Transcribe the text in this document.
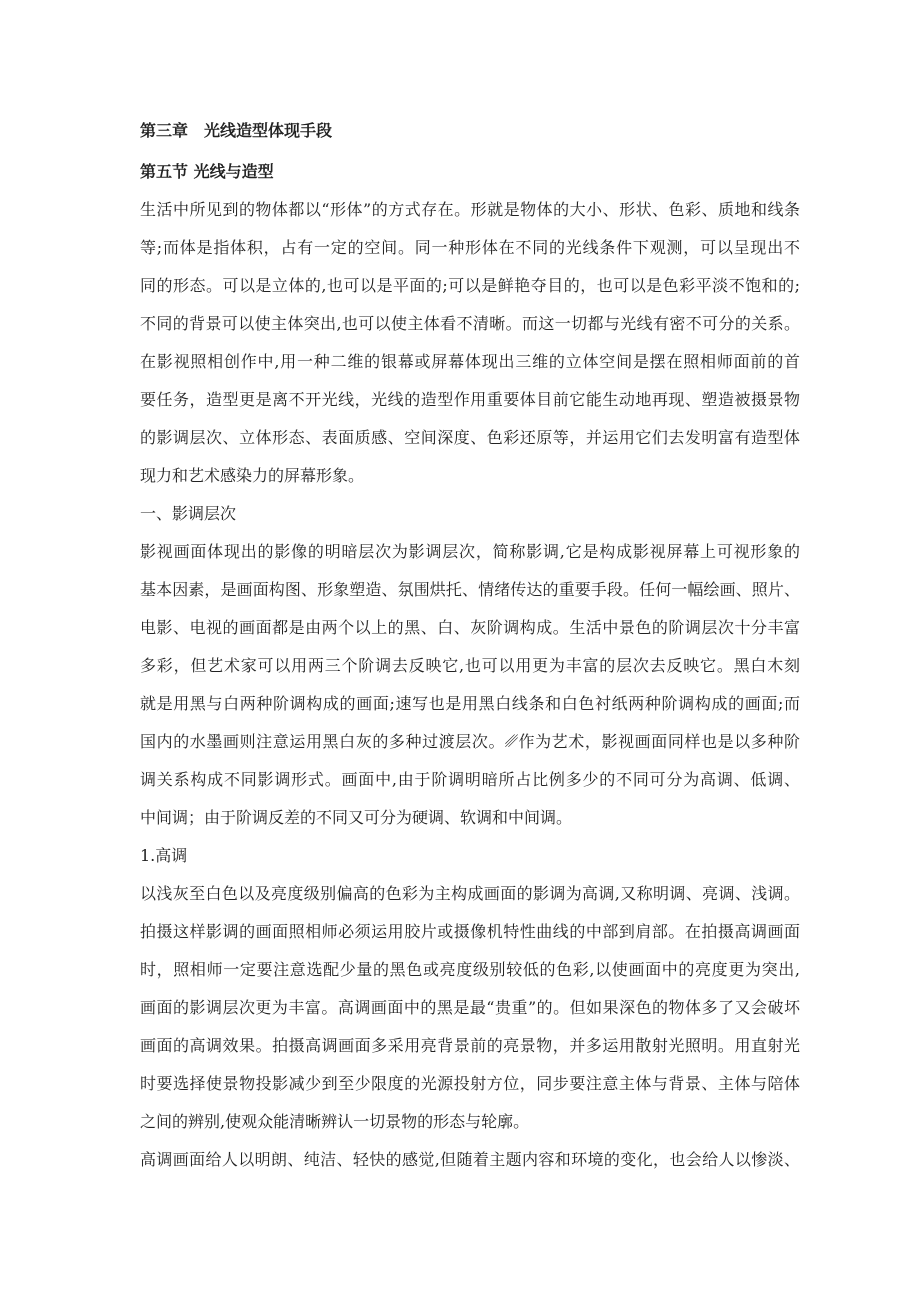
第三章　光线造型体现手段
第五节 光线与造型
生活中所见到的物体都以“形体”的方式存在。形就是物体的大小、形状、色彩、质地和线条
等;而体是指体积，占有一定的空间。同一种形体在不同的光线条件下观测，可以呈现出不
同的形态。可以是立体的,也可以是平面的;可以是鲜艳夺目的，也可以是色彩平淡不饱和的;
不同的背景可以使主体突出,也可以使主体看不清晰。而这一切都与光线有密不可分的关系。
在影视照相创作中,用一种二维的银幕或屏幕体现出三维的立体空间是摆在照相师面前的首
要任务，造型更是离不开光线，光线的造型作用重要体目前它能生动地再现、塑造被摄景物
的影调层次、立体形态、表面质感、空间深度、色彩还原等，并运用它们去发明富有造型体
现力和艺术感染力的屏幕形象。
一、影调层次
影视画面体现出的影像的明暗层次为影调层次，简称影调,它是构成影视屏幕上可视形象的
基本因素，是画面构图、形象塑造、氛围烘托、情绪传达的重要手段。任何一幅绘画、照片、
电影、电视的画面都是由两个以上的黑、白、灰阶调构成。生活中景色的阶调层次十分丰富
多彩，但艺术家可以用两三个阶调去反映它,也可以用更为丰富的层次去反映它。黑白木刻
就是用黑与白两种阶调构成的画面;速写也是用黑白线条和白色衬纸两种阶调构成的画面;而
国内的水墨画则注意运用黑白灰的多种过渡层次。␥作为艺术，影视画面同样也是以多种阶
调关系构成不同影调形式。画面中,由于阶调明暗所占比例多少的不同可分为高调、低调、
中间调；由于阶调反差的不同又可分为硬调、软调和中间调。
1.高调
以浅灰至白色以及亮度级别偏高的色彩为主构成画面的影调为高调,又称明调、亮调、浅调。
拍摄这样影调的画面照相师必须运用胶片或摄像机特性曲线的中部到肩部。在拍摄高调画面
时，照相师一定要注意选配少量的黑色或亮度级别较低的色彩,以使画面中的亮度更为突出,
画面的影调层次更为丰富。高调画面中的黑是最“贵重”的。但如果深色的物体多了又会破坏
画面的高调效果。拍摄高调画面多采用亮背景前的亮景物，并多运用散射光照明。用直射光
时要选择使景物投影减少到至少限度的光源投射方位，同步要注意主体与背景、主体与陪体
之间的辨别,使观众能清晰辨认一切景物的形态与轮廓。
高调画面给人以明朗、纯洁、轻快的感觉,但随着主题内容和环境的变化，也会给人以惨淡、
